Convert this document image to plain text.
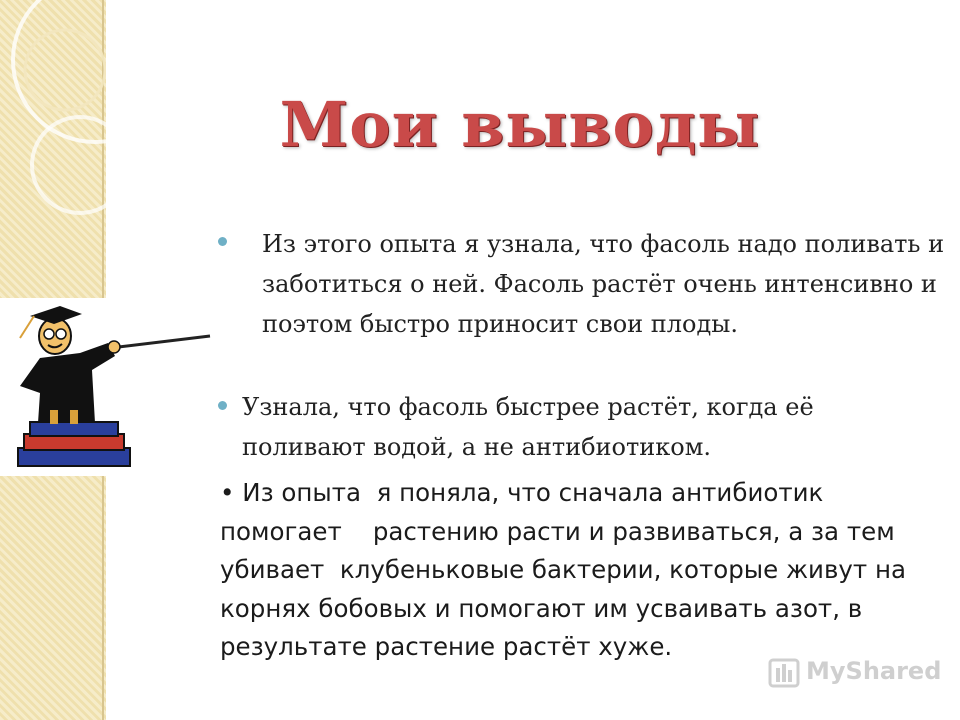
Мои выводы
Из этого опыта я узнала, что фасоль надо поливать и заботиться о ней. Фасоль растёт очень интенсивно и поэтом быстро приносит свои плоды.
Узнала, что фасоль быстрее растёт, когда её поливают водой, а не антибиотиком.
• Из опыта  я поняла, что сначала антибиотик помогает    растению расти и развиваться, а за тем убивает  клубеньковые бактерии, которые живут на корнях бобовых и помогают им усваивать азот, в результате растение растёт хуже.
MyShared
